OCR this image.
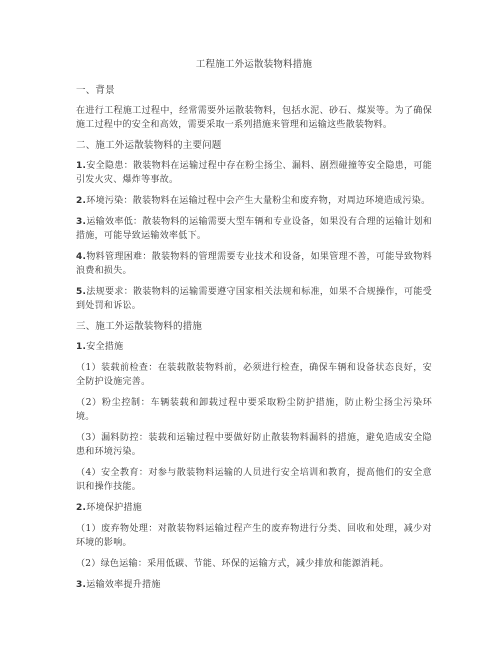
工程施工外运散装物料措施
一、背景
在进行工程施工过程中，经常需要外运散装物料，包括水泥、砂石、煤炭等。为了确保施工过程中的安全和高效，需要采取一系列措施来管理和运输这些散装物料。
二、施工外运散装物料的主要问题
1.安全隐患：散装物料在运输过程中存在粉尘扬尘、漏料、剧烈碰撞等安全隐患，可能引发火灾、爆炸等事故。
2.环境污染：散装物料在运输过程中会产生大量粉尘和废弃物，对周边环境造成污染。
3.运输效率低：散装物料的运输需要大型车辆和专业设备，如果没有合理的运输计划和措施，可能导致运输效率低下。
4.物料管理困难：散装物料的管理需要专业技术和设备，如果管理不善，可能导致物料浪费和损失。
5.法规要求：散装物料的运输需要遵守国家相关法规和标准，如果不合规操作，可能受到处罚和诉讼。
三、施工外运散装物料的措施
1.安全措施
（1）装载前检查：在装载散装物料前，必须进行检查，确保车辆和设备状态良好，安全防护设施完善。
（2）粉尘控制：车辆装载和卸载过程中要采取粉尘防护措施，防止粉尘扬尘污染环境。
（3）漏料防控：装载和运输过程中要做好防止散装物料漏料的措施，避免造成安全隐患和环境污染。
（4）安全教育：对参与散装物料运输的人员进行安全培训和教育，提高他们的安全意识和操作技能。
2.环境保护措施
（1）废弃物处理：对散装物料运输过程产生的废弃物进行分类、回收和处理，减少对环境的影响。
（2）绿色运输：采用低碳、节能、环保的运输方式，减少排放和能源消耗。
3.运输效率提升措施
